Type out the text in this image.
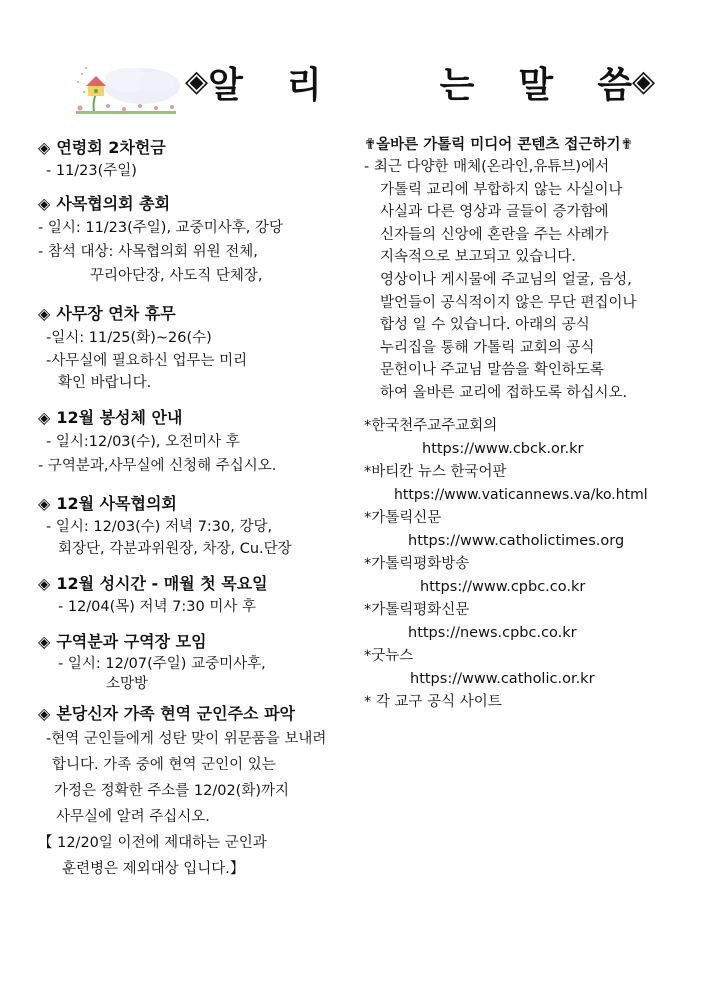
◈ 알 리	는 말 씀 ◈
◈ 연령회 2차헌금
- 11/23(주일)
◈ 사목협의회 총회
- 일시: 11/23(주일), 교중미사후, 강당
- 참석 대상: 사목협의회 위원 전체,
꾸리아단장, 사도직 단체장,
◈ 사무장 연차 휴무
-일시: 11/25(화)~26(수)
-사무실에 필요하신 업무는 미리
확인 바랍니다.
◈ 12월 봉성체 안내
- 일시:12/03(수), 오전미사 후
- 구역분과,사무실에 신청해 주십시오.
◈ 12월 사목협의회
- 일시: 12/03(수) 저녁 7:30, 강당,
회장단, 각분과위원장, 차장, Cu.단장
◈ 12월 성시간 - 매월 첫 목요일
- 12/04(목) 저녁 7:30 미사 후
◈ 구역분과 구역장 모임
- 일시: 12/07(주일) 교중미사후,
소망방
◈ 본당신자 가족 현역 군인주소 파악
-현역 군인들에게 성탄 맞이 위문품을 보내려
합니다. 가족 중에 현역 군인이 있는
가정은 정확한 주소를 12/02(화)까지
사무실에 알려 주십시오.
【 12/20일 이전에 제대하는 군인과
훈련병은 제외대상 입니다.】
✟올바른 가톨릭 미디어 콘텐츠 접근하기✟
- 최근 다양한 매체(온라인,유튜브)에서
가톨릭 교리에 부합하지 않는 사실이나
사실과 다른 영상과 글들이 증가함에
신자들의 신앙에 혼란을 주는 사례가
지속적으로 보고되고 있습니다.
영상이나 게시물에 주교님의 얼굴, 음성,
발언들이 공식적이지 않은 무단 편집이나
합성 일 수 있습니다. 아래의 공식
누리집을 통해 가톨릭 교회의 공식
문헌이나 주교님 말씀을 확인하도록
하여 올바른 교리에 접하도록 하십시오.
*한국천주교주교회의
https://www.cbck.or.kr
*바티칸 뉴스 한국어판
https://www.vaticannews.va/ko.html
*가톨릭신문
https://www.catholictimes.org
*가톨릭평화방송
https://www.cpbc.co.kr
*가톨릭평화신문
https://news.cpbc.co.kr
*굿뉴스
https://www.catholic.or.kr
* 각 교구 공식 사이트
